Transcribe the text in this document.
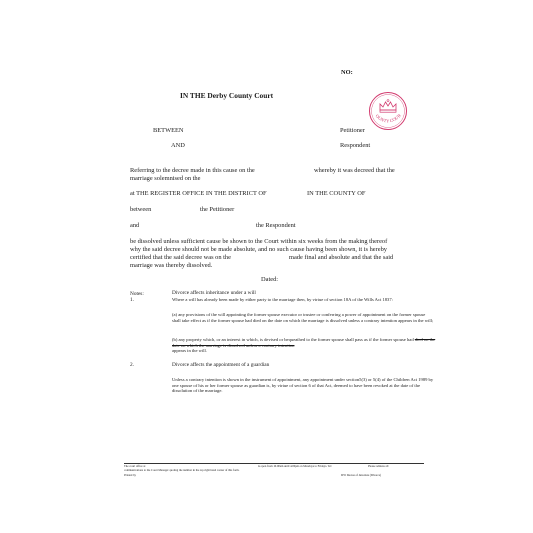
NO:
IN THE Derby County Court
OUNTY COUR
BETWEEN	Petitioner
AND	Respondent
Referring to the decree made in this cause on the	whereby it was decreed that the
marriage solemnised on the
at THE REGISTER OFFICE IN THE DISTRICT OF	IN THE COUNTY OF
between	the Petitioner
and	the Respondent
be dissolved unless sufficient cause be shown to the Court within six weeks from the making thereof
why the said decree should not be made absolute, and no such cause having been shown, it is hereby
certified that the said decree was on the	made final and absolute and that the said
marriage was thereby dissolved.
Dated:
Notes:
1.
Divorce affects inheritance under a will
Where a will has already been made by either party to the marriage then, by virtue of section 18A of the Wills Act 1837:
(a) any provisions of the will appointing the former spouse executor or trustee or conferring a power of appointment on the former spouse shall take effect as if the former spouse had died on the date on which the marriage is dissolved unless a contrary intention appears in the will;
(b) any property which, or an interest in which, is devised or bequeathed to the former spouse shall pass as if the former spouse had died on the date on which the marriage is dissolved unless a contrary intention
appears in the will.
2.	Divorce affects the appointment of a guardian
Unless a contrary intention is shown in the instrument of appointment, any appointment under section5(3) or 5(4) of the Children Act 1989 by one spouse of his or her former spouse as guardian is, by virtue of section 6 of that Act, deemed to have been revoked at the date of the dissolution of the marriage.
The court office at
communications to the Court Manager quoting the number in the top right hand corner of this form.
Printed by
is open from 10.00am until 4.00pm on Mondays to Fridays. Tel	Please address all
D55 Decree of Absolute (Divorce)
